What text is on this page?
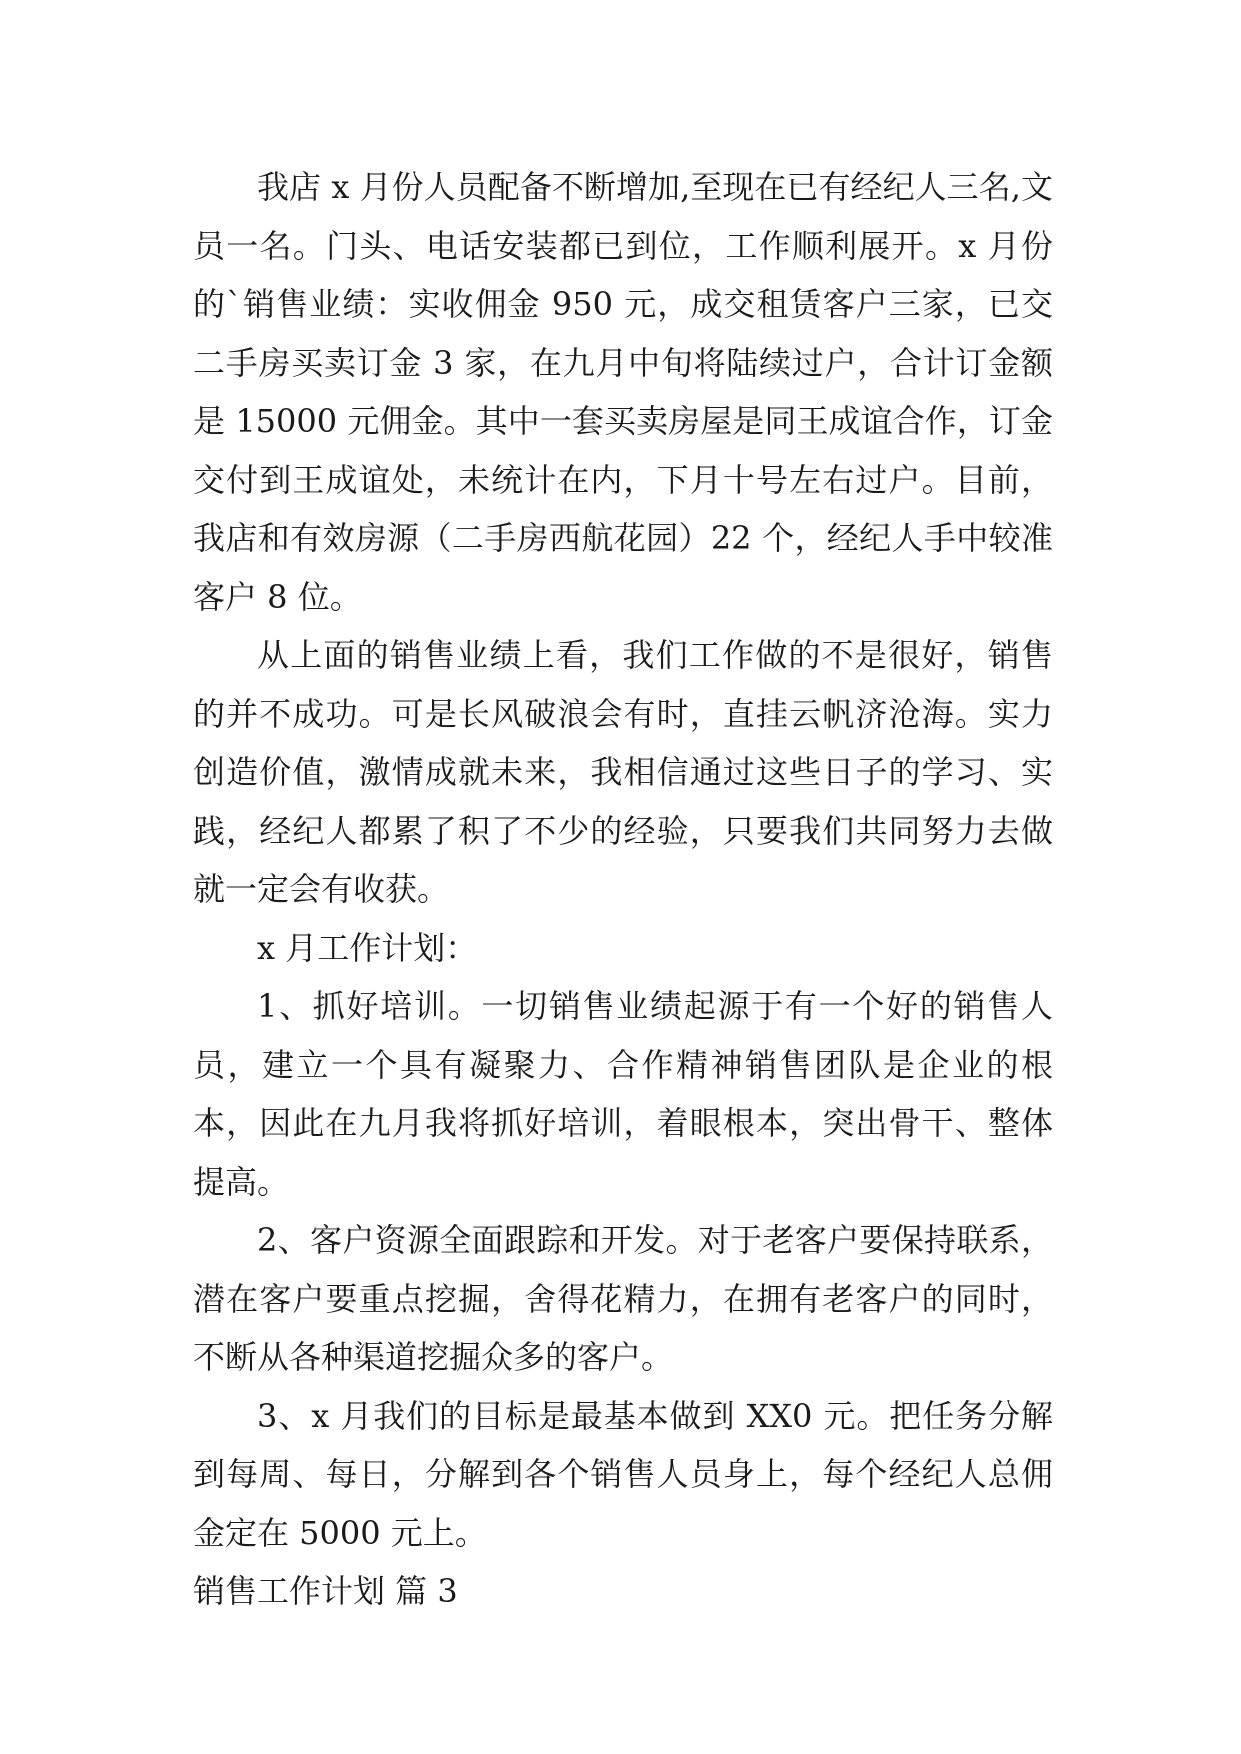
我店 x 月份人员配备不断增加,至现在已有经纪人三名,文员一名。门头、电话安装都已到位，工作顺利展开。x 月份的`销售业绩：实收佣金 950 元，成交租赁客户三家，已交二手房买卖订金 3 家，在九月中旬将陆续过户，合计订金额是 15000 元佣金。其中一套买卖房屋是同王成谊合作，订金交付到王成谊处，未统计在内，下月十号左右过户。目前，我店和有效房源（二手房西航花园）22 个，经纪人手中较准客户 8 位。

从上面的销售业绩上看，我们工作做的不是很好，销售的并不成功。可是长风破浪会有时，直挂云帆济沧海。实力创造价值，激情成就未来，我相信通过这些日子的学习、实践，经纪人都累了积了不少的经验，只要我们共同努力去做就一定会有收获。

x 月工作计划：

1、抓好培训。一切销售业绩起源于有一个好的销售人员，建立一个具有凝聚力、合作精神销售团队是企业的根本，因此在九月我将抓好培训，着眼根本，突出骨干、整体提高。

2、客户资源全面跟踪和开发。对于老客户要保持联系，潜在客户要重点挖掘，舍得花精力，在拥有老客户的同时，不断从各种渠道挖掘众多的客户。

3、x 月我们的目标是最基本做到 XX0 元。把任务分解到每周、每日，分解到各个销售人员身上，每个经纪人总佣金定在 5000 元上。

销售工作计划 篇 3
